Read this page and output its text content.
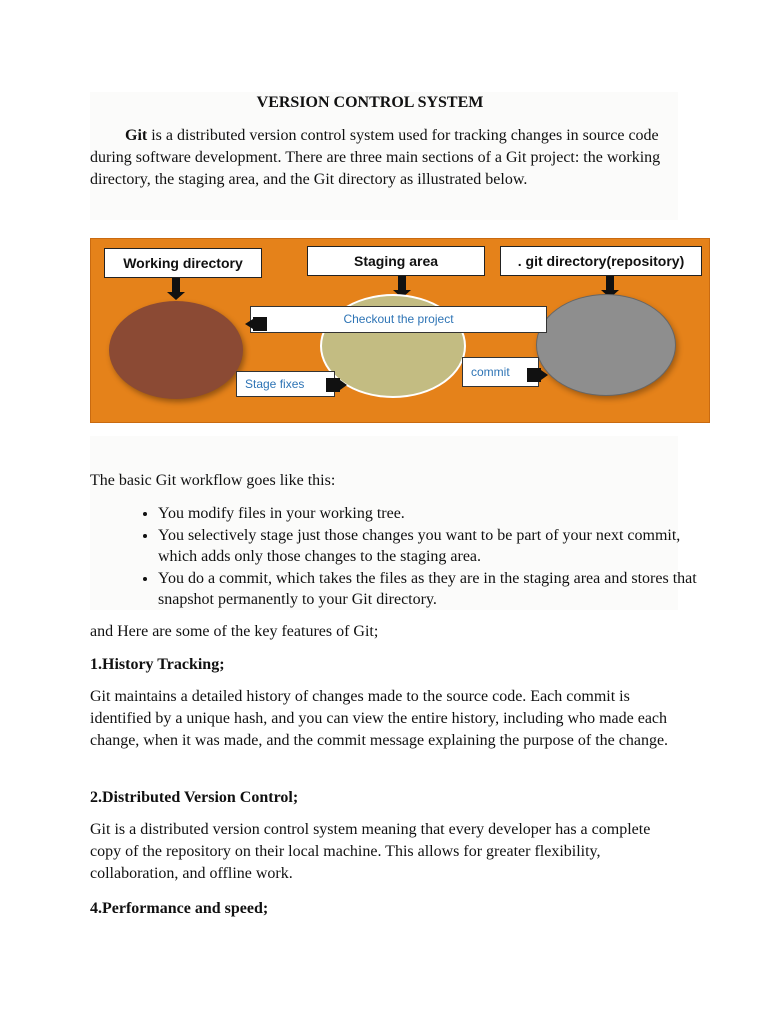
VERSION CONTROL SYSTEM

Git is a distributed version control system used for tracking changes in source code during software development. There are three main sections of a Git project: the working directory, the staging area, and the Git directory as illustrated below.

Working directory	Staging area	. git directory(repository)
Checkout the project
Stage fixes
commit

The basic Git workflow goes like this:

• You modify files in your working tree.
• You selectively stage just those changes you want to be part of your next commit, which adds only those changes to the staging area.
• You do a commit, which takes the files as they are in the staging area and stores that snapshot permanently to your Git directory.

and Here are some of the key features of Git;

1.History Tracking;

Git maintains a detailed history of changes made to the source code. Each commit is identified by a unique hash, and you can view the entire history, including who made each change, when it was made, and the commit message explaining the purpose of the change.

2.Distributed Version Control;

Git is a distributed version control system meaning that every developer has a complete copy of the repository on their local machine. This allows for greater flexibility, collaboration, and offline work.

4.Performance and speed;
